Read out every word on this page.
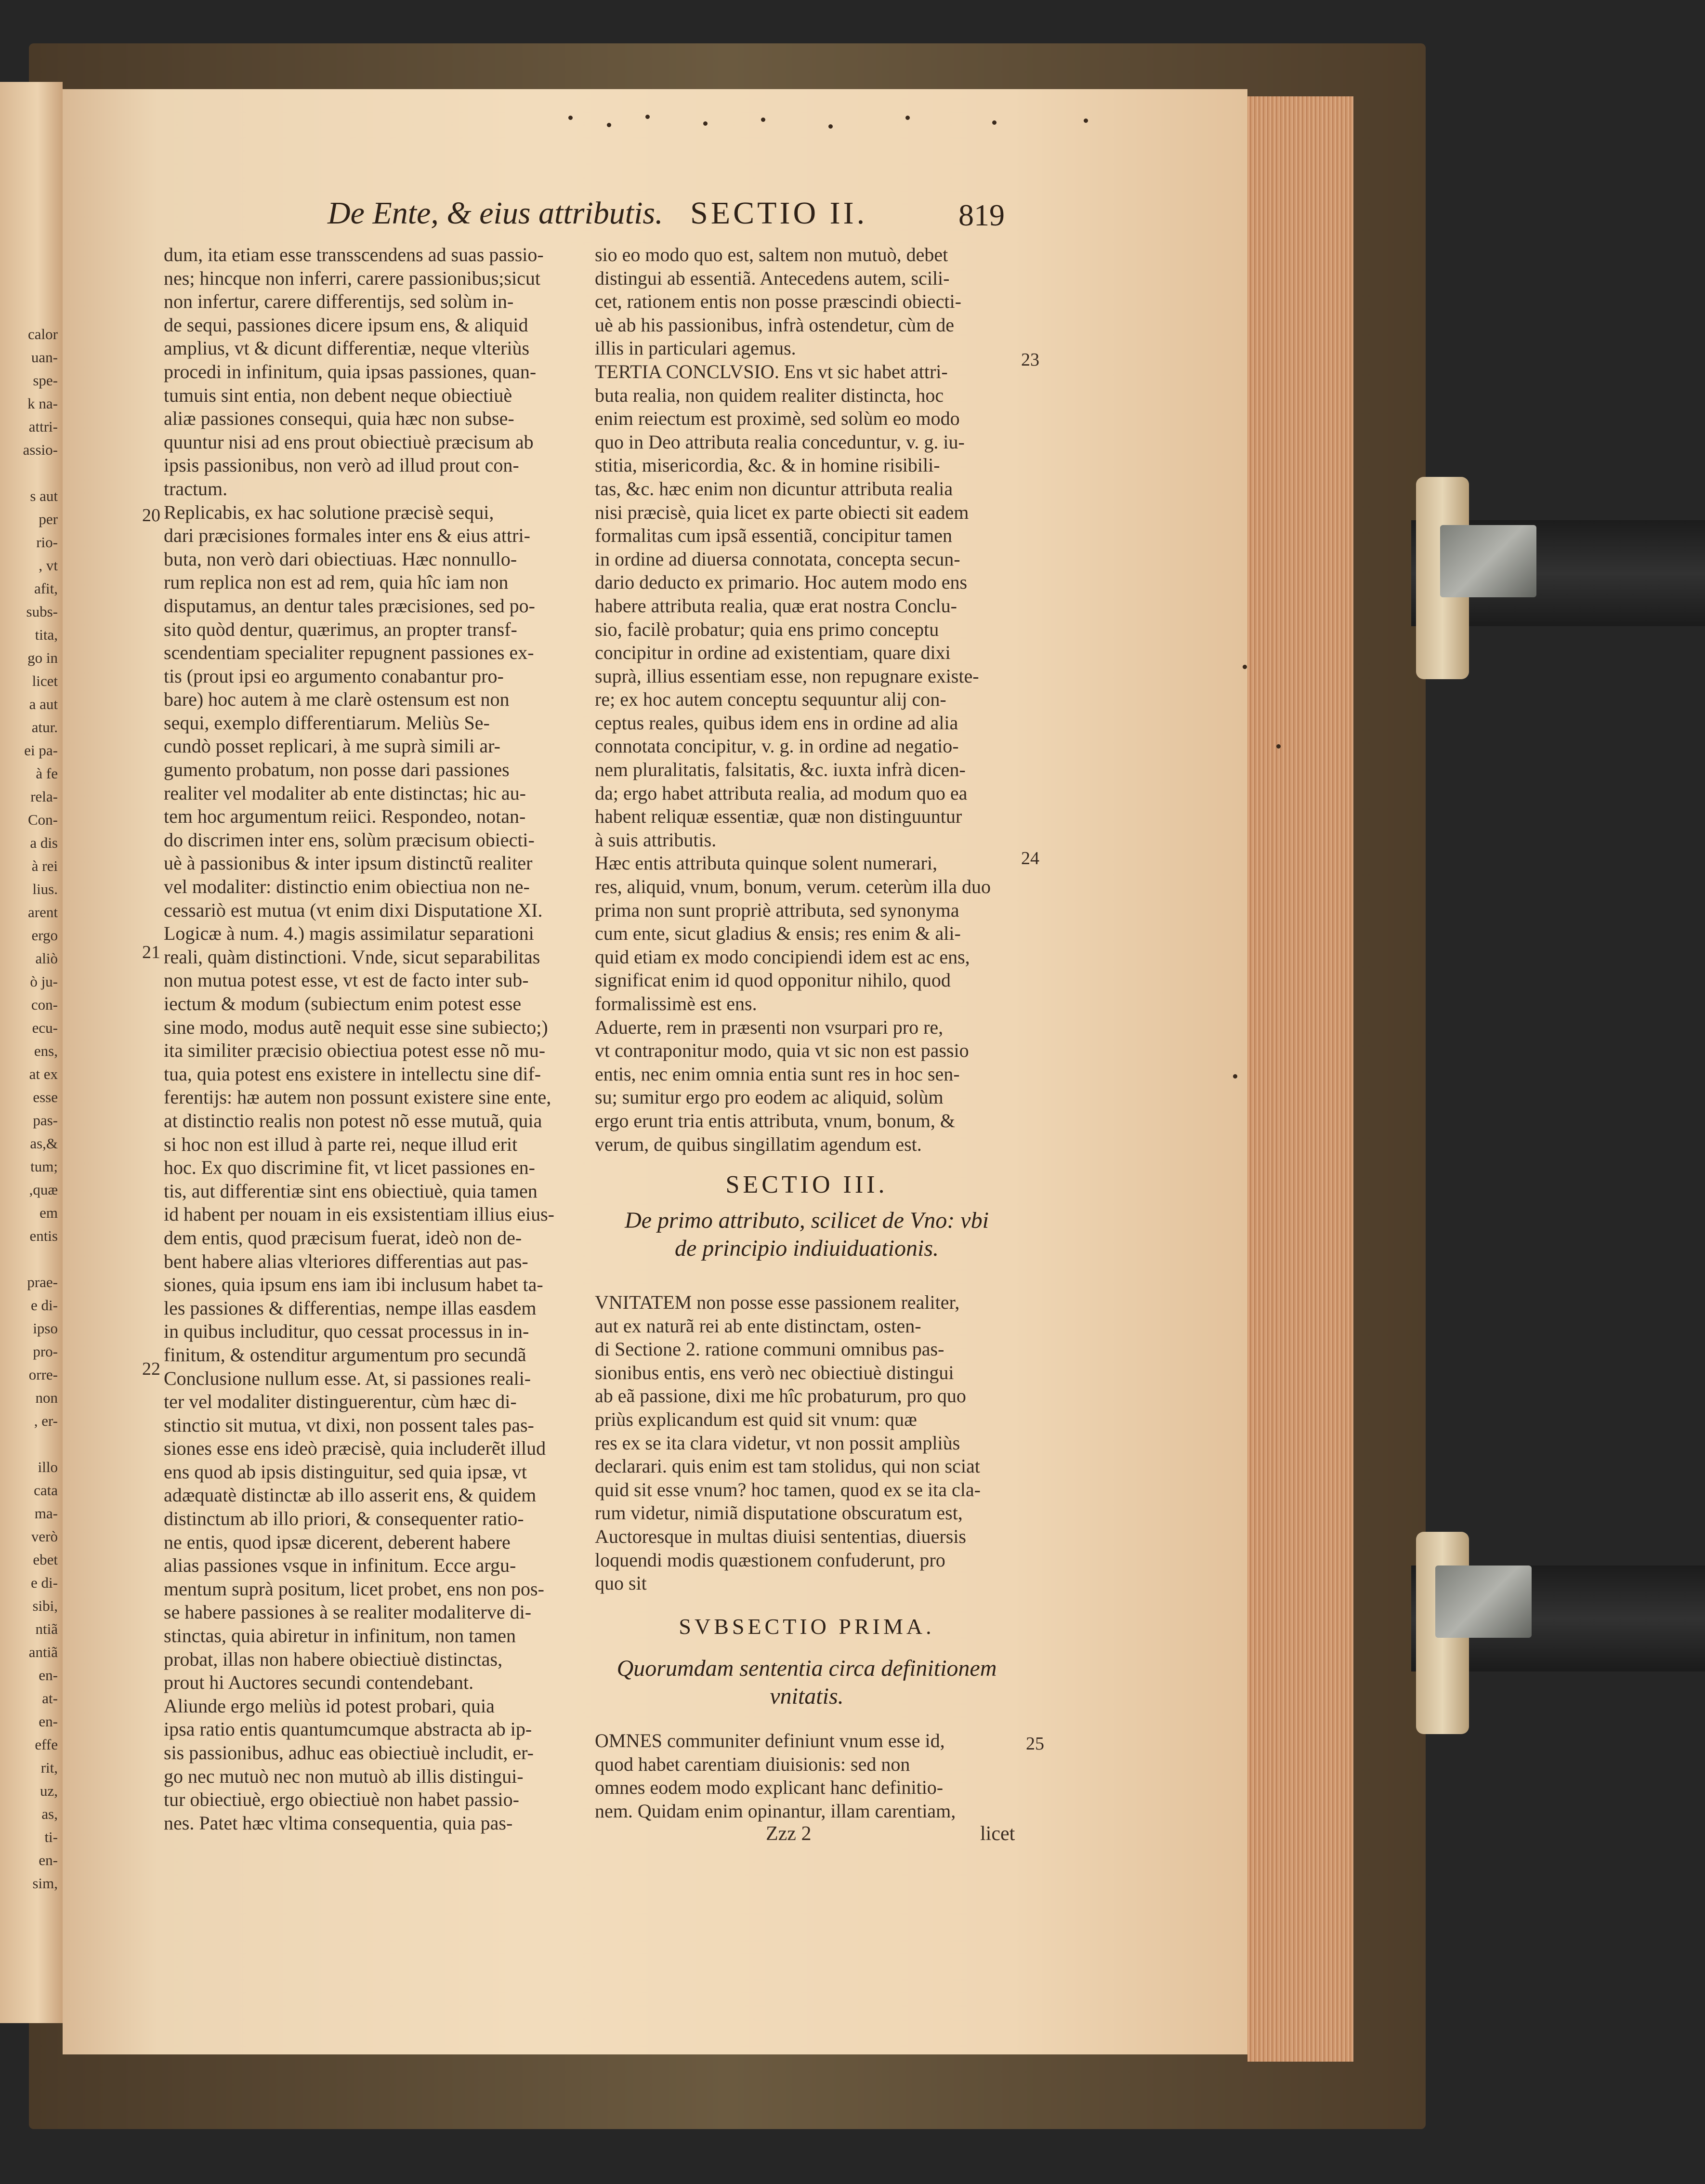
calor
uan-
spe-
k na-
attri-
assio-

s aut
per
rio-
, vt
afit,
subs-
tita,
go in
licet
a aut
atur.
ei pa-
à fe
rela-
Con-
a dis
à rei
lius.
arent
ergo
aliò
ò ju-
con-
ecu-
ens,
at ex
esse
pas-
as,&
tum;
,quæ
em
entis

prae-
e di-
ipso
pro-
orre-
non
, er-

illo
cata
ma-
verò
ebet
e di-
sibi,
ntiã
antiã
en-
at-
en-
effe
rit,
uz,
as,
ti-
en-
sim,
De Ente, & eius attributis. SECTIO II.	819
dum, ita etiam esse transscendens ad suas passio-
nes; hincque non inferri, carere passionibus;sicut
non infertur, carere differentijs, sed solùm in-
de sequi, passiones dicere ipsum ens, & aliquid
amplius, vt & dicunt differentiæ, neque vlteriùs
procedi in infinitum, quia ipsas passiones, quan-
tumuis sint entia, non debent neque obiectiuè
aliæ passiones consequi, quia hæc non subse-
quuntur nisi ad ens prout obiectiuè præcisum ab
ipsis passionibus, non verò ad illud prout con-
tractum.
Replicabis, ex hac solutione præcisè sequi,
dari præcisiones formales inter ens & eius attri-
buta, non verò dari obiectiuas. Hæc nonnullo-
rum replica non est ad rem, quia hîc iam non
disputamus, an dentur tales præcisiones, sed po-
sito quòd dentur, quærimus, an propter transf-
scendentiam specialiter repugnent passiones ex-
tis (prout ipsi eo argumento conabantur pro-
bare) hoc autem à me clarè ostensum est non
sequi, exemplo differentiarum. Meliùs Se-
cundò posset replicari, à me suprà simili ar-
gumento probatum, non posse dari passiones
realiter vel modaliter ab ente distinctas; hic au-
tem hoc argumentum reiici. Respondeo, notan-
do discrimen inter ens, solùm præcisum obiecti-
uè à passionibus & inter ipsum distinctũ realiter
vel modaliter: distinctio enim obiectiua non ne-
cessariò est mutua (vt enim dixi Disputatione XI.
Logicæ à num. 4.) magis assimilatur separationi
reali, quàm distinctioni. Vnde, sicut separabilitas
non mutua potest esse, vt est de facto inter sub-
iectum & modum (subiectum enim potest esse
sine modo, modus autẽ nequit esse sine subiecto;)
ita similiter præcisio obiectiua potest esse nõ mu-
tua, quia potest ens existere in intellectu sine dif-
ferentijs: hæ autem non possunt existere sine ente,
at distinctio realis non potest nõ esse mutuã, quia
si hoc non est illud à parte rei, neque illud erit
hoc. Ex quo discrimine fit, vt licet passiones en-
tis, aut differentiæ sint ens obiectiuè, quia tamen
id habent per nouam in eis exsistentiam illius eius-
dem entis, quod præcisum fuerat, ideò non de-
bent habere alias vlteriores differentias aut pas-
siones, quia ipsum ens iam ibi inclusum habet ta-
les passiones & differentias, nempe illas easdem
in quibus includitur, quo cessat processus in in-
finitum, & ostenditur argumentum pro secundã
Conclusione nullum esse. At, si passiones reali-
ter vel modaliter distinguerentur, cùm hæc di-
stinctio sit mutua, vt dixi, non possent tales pas-
siones esse ens ideò præcisè, quia includerẽt illud
ens quod ab ipsis distinguitur, sed quia ipsæ, vt
adæquatè distinctæ ab illo asserit ens, & quidem
distinctum ab illo priori, & consequenter ratio-
ne entis, quod ipsæ dicerent, deberent habere
alias passiones vsque in infinitum. Ecce argu-
mentum suprà positum, licet probet, ens non pos-
se habere passiones à se realiter modaliterve di-
stinctas, quia abiretur in infinitum, non tamen
probat, illas non habere obiectiuè distinctas,
prout hi Auctores secundi contendebant.
Aliunde ergo meliùs id potest probari, quia
ipsa ratio entis quantumcumque abstracta ab ip-
sis passionibus, adhuc eas obiectiuè includit, er-
go nec mutuò nec non mutuò ab illis distingui-
tur obiectiuè, ergo obiectiuè non habet passio-
nes. Patet hæc vltima consequentia, quia pas-
sio eo modo quo est, saltem non mutuò, debet
distingui ab essentiã. Antecedens autem, scili-
cet, rationem entis non posse præscindi obiecti-
uè ab his passionibus, infrà ostendetur, cùm de
illis in particulari agemus.
TERTIA CONCLVSIO. Ens vt sic habet attri-
buta realia, non quidem realiter distincta, hoc
enim reiectum est proximè, sed solùm eo modo
quo in Deo attributa realia conceduntur, v. g. iu-
stitia, misericordia, &c. & in homine risibili-
tas, &c. hæc enim non dicuntur attributa realia
nisi præcisè, quia licet ex parte obiecti sit eadem
formalitas cum ipsã essentiã, concipitur tamen
in ordine ad diuersa connotata, concepta secun-
dario deducto ex primario. Hoc autem modo ens
habere attributa realia, quæ erat nostra Conclu-
sio, facilè probatur; quia ens primo conceptu
concipitur in ordine ad existentiam, quare dixi
suprà, illius essentiam esse, non repugnare existe-
re; ex hoc autem conceptu sequuntur alij con-
ceptus reales, quibus idem ens in ordine ad alia
connotata concipitur, v. g. in ordine ad negatio-
nem pluralitatis, falsitatis, &c. iuxta infrà dicen-
da; ergo habet attributa realia, ad modum quo ea
habent reliquæ essentiæ, quæ non distinguuntur
à suis attributis.
Hæc entis attributa quinque solent numerari,
res, aliquid, vnum, bonum, verum. ceterùm illa duo
prima non sunt propriè attributa, sed synonyma
cum ente, sicut gladius & ensis; res enim & ali-
quid etiam ex modo concipiendi idem est ac ens,
significat enim id quod opponitur nihilo, quod
formalissimè est ens.
Aduerte, rem in præsenti non vsurpari pro re,
vt contraponitur modo, quia vt sic non est passio
entis, nec enim omnia entia sunt res in hoc sen-
su; sumitur ergo pro eodem ac aliquid, solùm
ergo erunt tria entis attributa, vnum, bonum, &
verum, de quibus singillatim agendum est.
SECTIO III.
De primo attributo, scilicet de Vno: vbi
de principio indiuiduationis.
VNITATEM non posse esse passionem realiter,
aut ex naturã rei ab ente distinctam, osten-
di Sectione 2. ratione communi omnibus pas-
sionibus entis, ens verò nec obiectiuè distingui
ab eã passione, dixi me hîc probaturum, pro quo
priùs explicandum est quid sit vnum: quæ
res ex se ita clara videtur, vt non possit ampliùs
declarari. quis enim est tam stolidus, qui non sciat
quid sit esse vnum? hoc tamen, quod ex se ita cla-
rum videtur, nimiã disputatione obscuratum est,
Auctoresque in multas diuisi sententias, diuersis
loquendi modis quæstionem confuderunt, pro
quo sit
SVBSECTIO PRIMA.
Quorumdam sententia circa definitionem
vnitatis.
OMNES communiter definiunt vnum esse id,
quod habet carentiam diuisionis: sed non
omnes eodem modo explicant hanc definitio-
nem. Quidam enim opinantur, illam carentiam,
20
21
22
23
24
25
Zzz 2	licet
